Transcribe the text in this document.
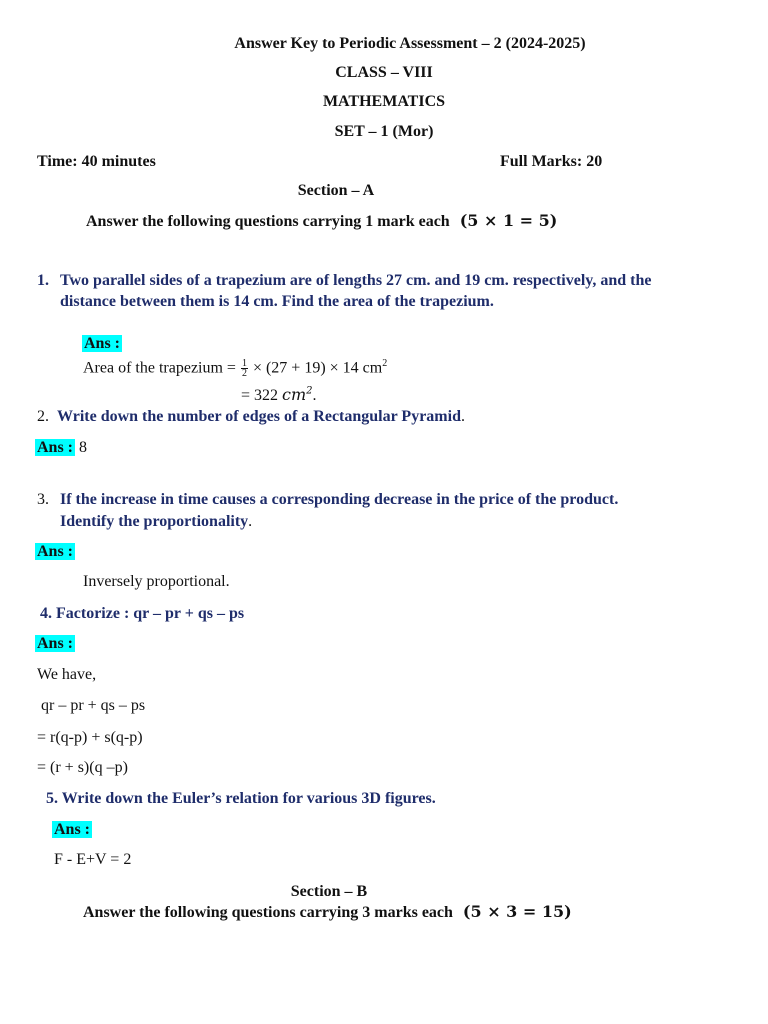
Answer Key to Periodic Assessment – 2 (2024-2025)
CLASS – VIII
MATHEMATICS
SET – 1 (Mor)
Time: 40 minutes	Full Marks: 20
Section – A
Answer the following questions carrying 1 mark each (5 × 1 = 5)
1. Two parallel sides of a trapezium are of lengths 27 cm. and 19 cm. respectively, and the
distance between them is 14 cm. Find the area of the trapezium.
Ans :
Area of the trapezium = $\frac{1}{2} \times (27 + 19) \times 14$ $cm^2$
= 322 $cm^2$.
2. Write down the number of edges of a Rectangular Pyramid.
Ans : 8
3. If the increase in time causes a corresponding decrease in the price of the product.
Identify the proportionality.
Ans :
Inversely proportional.
4. Factorize : qr – pr + qs – ps
Ans :
We have,
qr – pr + qs – ps
= r(q-p) + s(q-p)
= (r + s)(q –p)
5. Write down the Euler’s relation for various 3D figures.
Ans :
F - E+V = 2
Section – B
Answer the following questions carrying 3 marks each (5 × 3 = 15)
